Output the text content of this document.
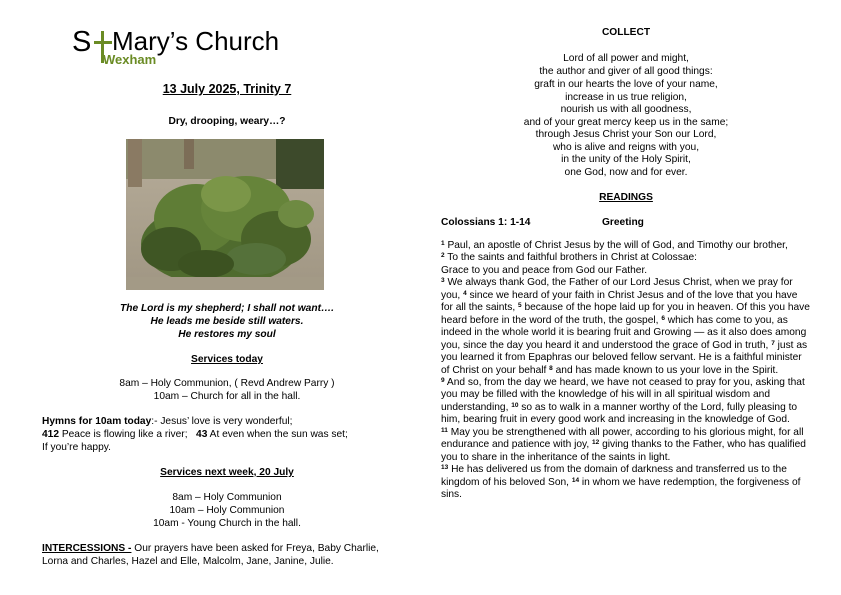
S Mary’s Church
Wexham

13 July 2025, Trinity 7

Dry, drooping, weary…?

The Lord is my shepherd; I shall not want….

He leads me beside still waters.

He restores my soul

Services today

8am – Holy Communion, ( Revd Andrew Parry )

10am – Church for all in the hall.

Hymns for 10am today:- Jesus’ love is very wonderful;

412 Peace is flowing like a river;   43 At even when the sun was set;

If you’re happy.

Services next week, 20 July

8am – Holy Communion

10am – Holy Communion

10am - Young Church in the hall.

INTERCESSIONS - Our prayers have been asked for Freya, Baby Charlie,

Lorna and Charles, Hazel and Elle, Malcolm, Jane, Janine, Julie.

COLLECT

Lord of all power and might,

the author and giver of all good things:

graft in our hearts the love of your name,

increase in us true religion,

nourish us with all goodness,

and of your great mercy keep us in the same;

through Jesus Christ your Son our Lord,

who is alive and reigns with you,

in the unity of the Holy Spirit,

one God, now and for ever.

READINGS

Colossians 1: 1-14	Greeting

$^1$ Paul, an apostle of Christ Jesus by the will of God, and Timothy our brother,

$^2$ To the saints and faithful brothers in Christ at Colossae:

Grace to you and peace from God our Father.

$^3$ We always thank God, the Father of our Lord Jesus Christ, when we pray for you, $^4$ since we heard of your faith in Christ Jesus and of the love that you have for all the saints, $^5$ because of the hope laid up for you in heaven. Of this you have heard before in the word of the truth, the gospel, $^6$ which has come to you, as indeed in the whole world it is bearing fruit and Growing — as it also does among you, since the day you heard it and understood the grace of God in truth, $^7$ just as you learned it from Epaphras our beloved fellow servant. He is a faithful minister of Christ on your behalf $^8$ and has made known to us your love in the Spirit.

$^9$ And so, from the day we heard, we have not ceased to pray for you, asking that you may be filled with the knowledge of his will in all spiritual wisdom and understanding, $^{10}$ so as to walk in a manner worthy of the Lord, fully pleasing to him, bearing fruit in every good work and increasing in the knowledge of God.

$^{11}$ May you be strengthened with all power, according to his glorious might, for all endurance and patience with joy, $^{12}$ giving thanks to the Father, who has qualified you to share in the inheritance of the saints in light.

$^{13}$ He has delivered us from the domain of darkness and transferred us to the kingdom of his beloved Son, $^{14}$ in whom we have redemption, the forgiveness of sins.
